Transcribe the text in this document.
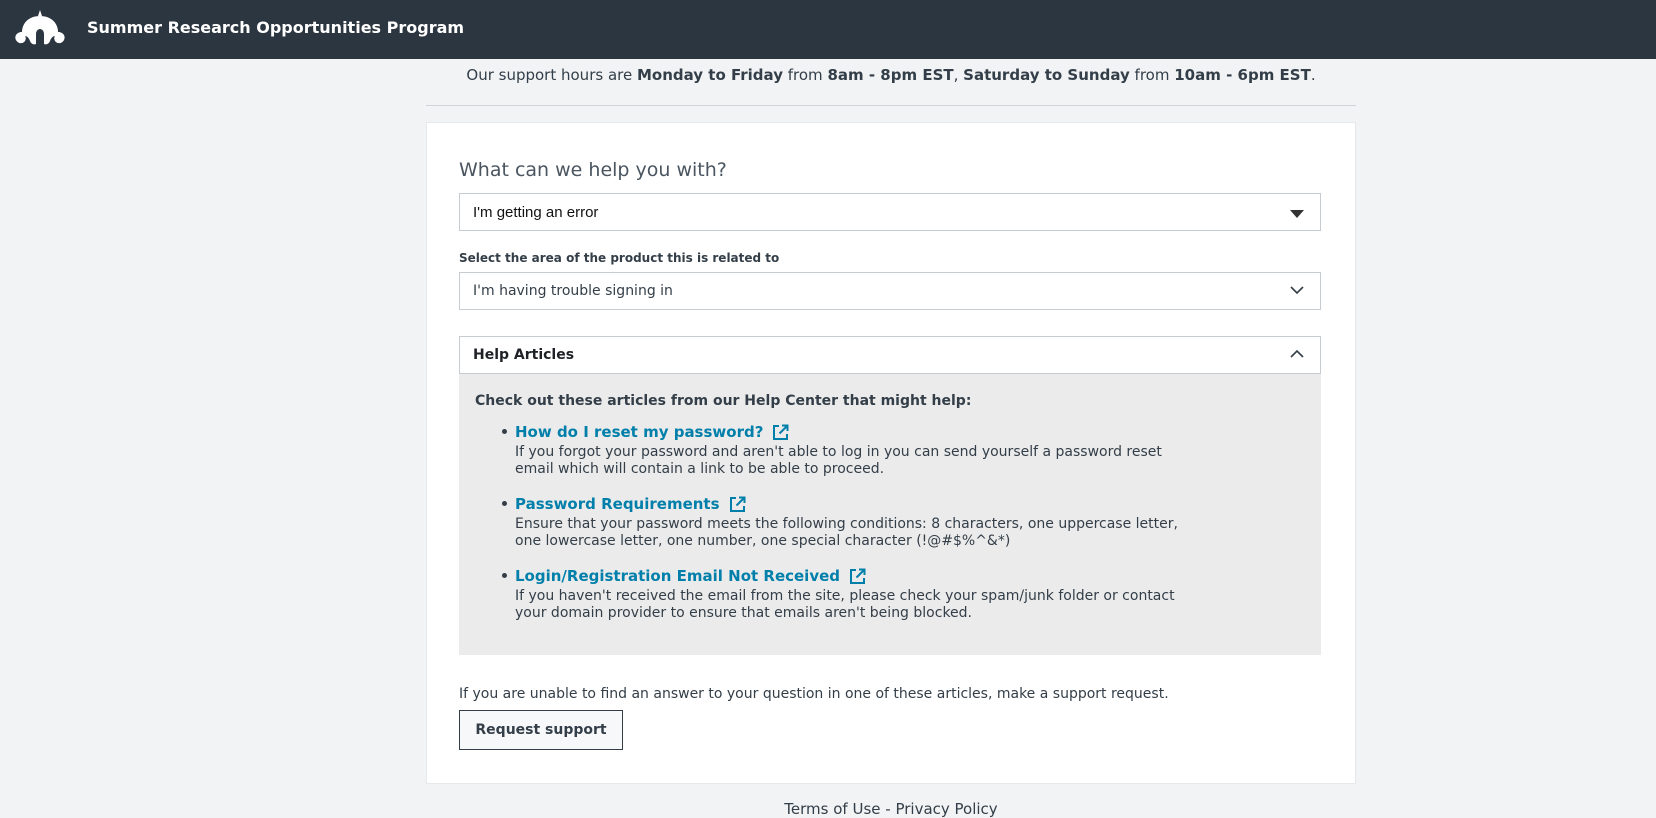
Summer Research Opportunities Program
Our support hours are Monday to Friday from 8am - 8pm EST, Saturday to Sunday from 10am - 6pm EST.
What can we help you with?
I'm getting an error
Select the area of the product this is related to
I'm having trouble signing in
Help Articles
Check out these articles from our Help Center that might help:
How do I reset my password?
If you forgot your password and aren't able to log in you can send yourself a password reset email which will contain a link to be able to proceed.
Password Requirements
Ensure that your password meets the following conditions: 8 characters, one uppercase letter, one lowercase letter, one number, one special character (!@#$%^&*)
Login/Registration Email Not Received
If you haven't received the email from the site, please check your spam/junk folder or contact your domain provider to ensure that emails aren't being blocked.
If you are unable to find an answer to your question in one of these articles, make a support request.
Request support
Terms of Use - Privacy Policy
